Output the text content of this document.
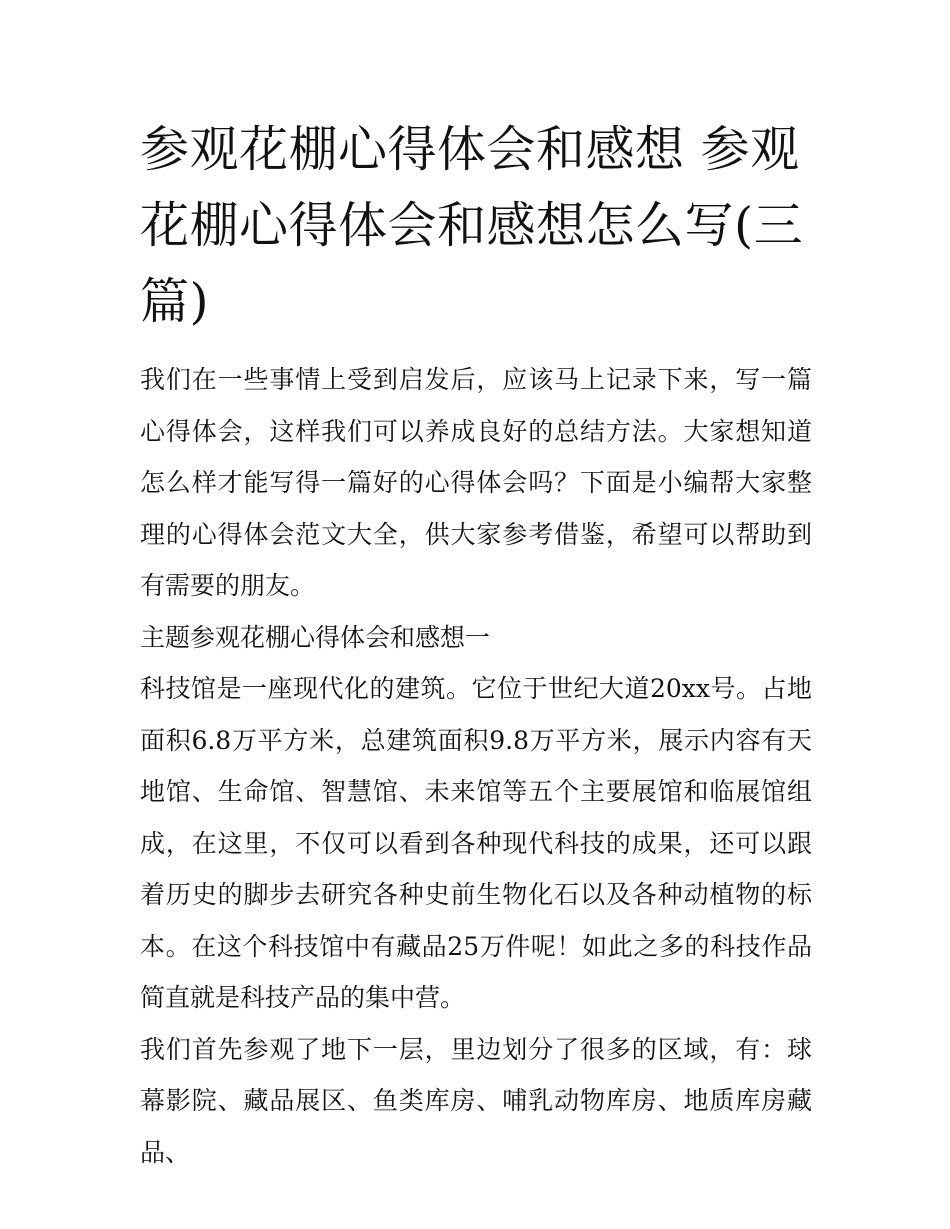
参观花棚心得体会和感想 参观花棚心得体会和感想怎么写(三篇)

我们在一些事情上受到启发后，应该马上记录下来，写一篇心得体会，这样我们可以养成良好的总结方法。大家想知道怎么样才能写得一篇好的心得体会吗？下面是小编帮大家整理的心得体会范文大全，供大家参考借鉴，希望可以帮助到有需要的朋友。

主题参观花棚心得体会和感想一

科技馆是一座现代化的建筑。它位于世纪大道20xx号。占地面积6.8万平方米，总建筑面积9.8万平方米，展示内容有天地馆、生命馆、智慧馆、未来馆等五个主要展馆和临展馆组成，在这里，不仅可以看到各种现代科技的成果，还可以跟着历史的脚步去研究各种史前生物化石以及各种动植物的标本。在这个科技馆中有藏品25万件呢！如此之多的科技作品简直就是科技产品的集中营。

我们首先参观了地下一层，里边划分了很多的区域，有：球幕影院、藏品展区、鱼类库房、哺乳动物库房、地质库房藏品、
